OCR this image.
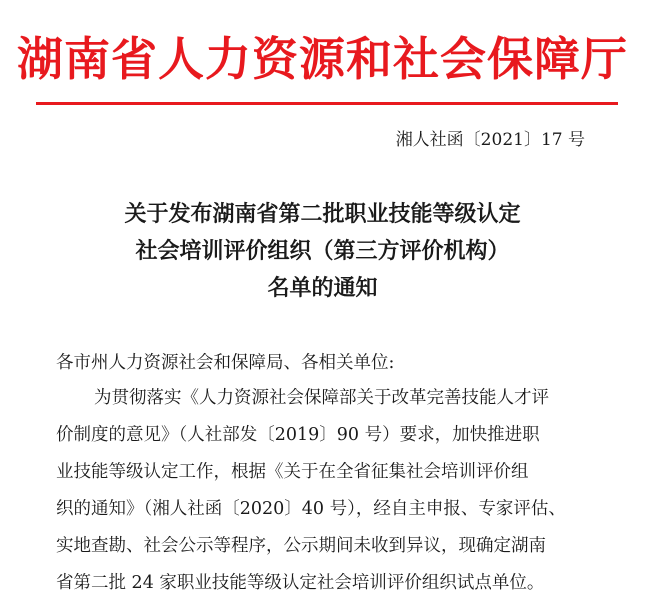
湖南省人力资源和社会保障厅
湘人社函〔2021〕17 号
关于发布湖南省第二批职业技能等级认定
社会培训评价组织（第三方评价机构）
名单的通知
各市州人力资源社会和保障局、各相关单位:
为贯彻落实《人力资源社会保障部关于改革完善技能人才评
价制度的意见》（人社部发〔2019〕90 号）要求，加快推进职
业技能等级认定工作，根据《关于在全省征集社会培训评价组
织的通知》（湘人社函〔2020〕40 号），经自主申报、专家评估、
实地查勘、社会公示等程序，公示期间未收到异议，现确定湖南
省第二批 24 家职业技能等级认定社会培训评价组织试点单位。
